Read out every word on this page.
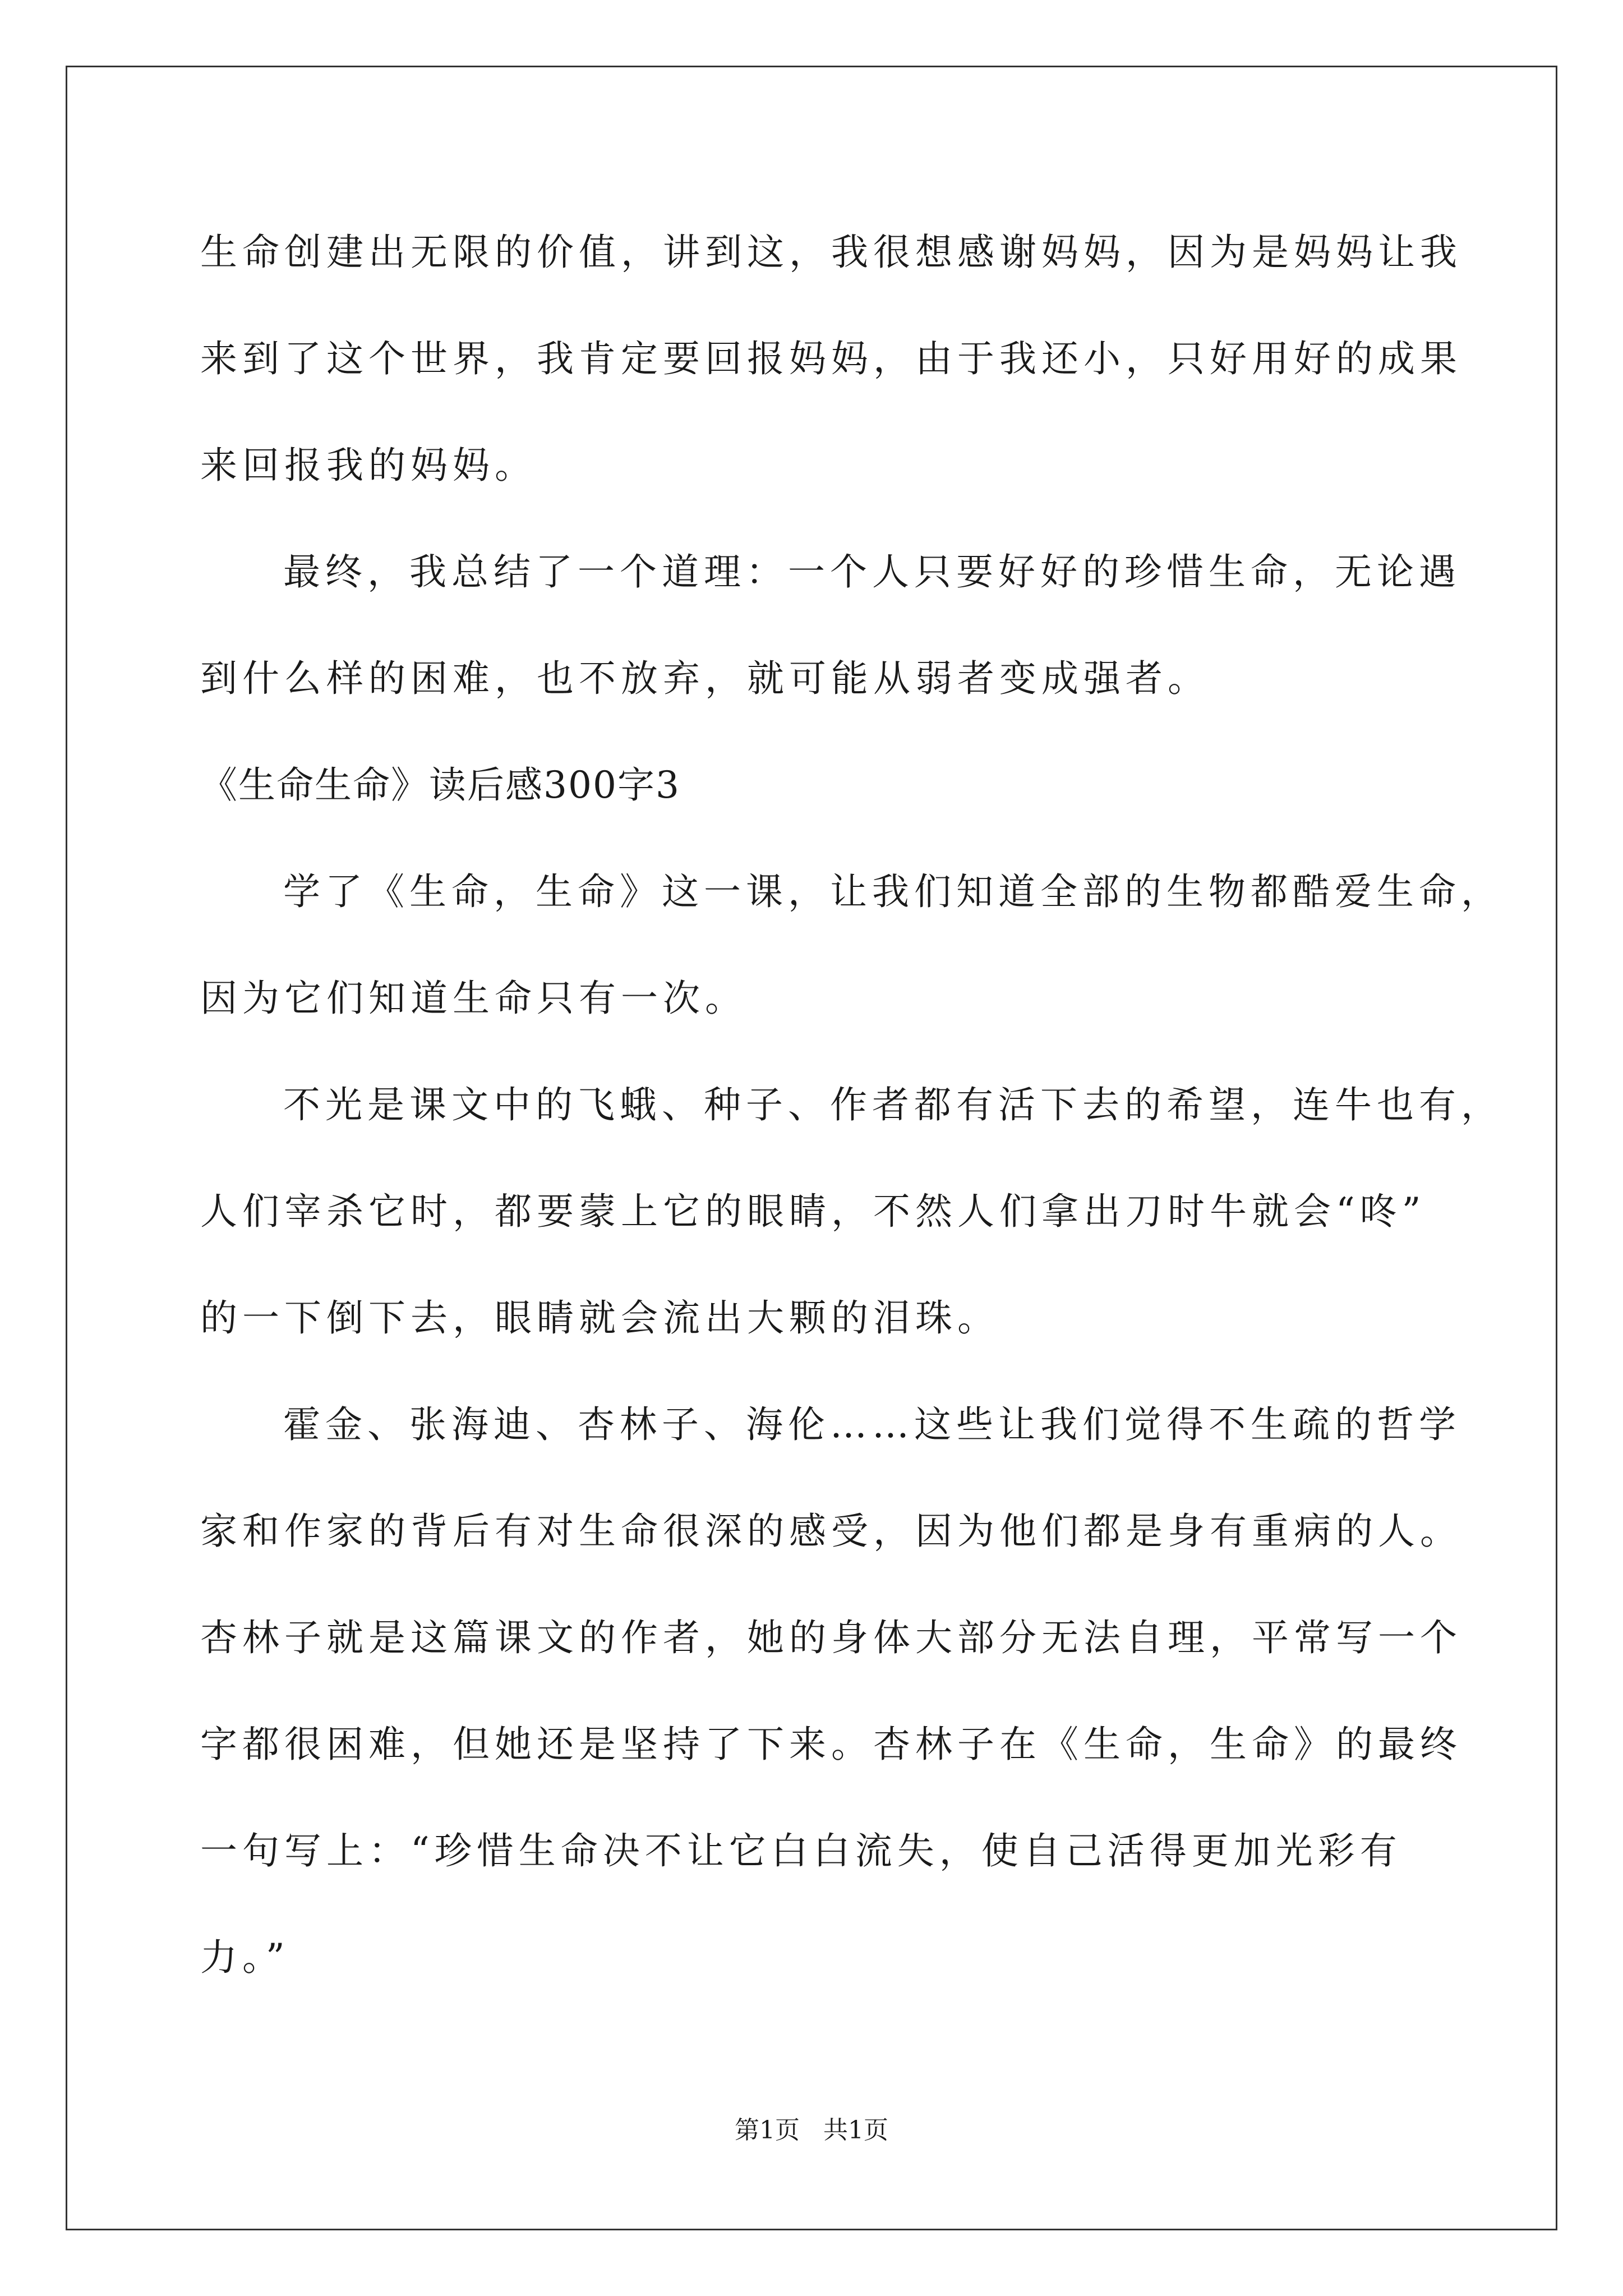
生命创建出无限的价值，讲到这，我很想感谢妈妈，因为是妈妈让我
来到了这个世界，我肯定要回报妈妈，由于我还小，只好用好的成果
来回报我的妈妈。
最终，我总结了一个道理：一个人只要好好的珍惜生命，无论遇
到什么样的困难，也不放弃，就可能从弱者变成强者。
《生命生命》读后感300字3
学了《生命，生命》这一课，让我们知道全部的生物都酷爱生命，
因为它们知道生命只有一次。
不光是课文中的飞蛾、种子、作者都有活下去的希望，连牛也有，
人们宰杀它时，都要蒙上它的眼睛，不然人们拿出刀时牛就会“咚”
的一下倒下去，眼睛就会流出大颗的泪珠。
霍金、张海迪、杏林子、海伦……这些让我们觉得不生疏的哲学
家和作家的背后有对生命很深的感受，因为他们都是身有重病的人。
杏林子就是这篇课文的作者，她的身体大部分无法自理，平常写一个
字都很困难，但她还是坚持了下来。杏林子在《生命，生命》的最终
一句写上：“珍惜生命决不让它白白流失，使自己活得更加光彩有
力。”
第1页   共1页
